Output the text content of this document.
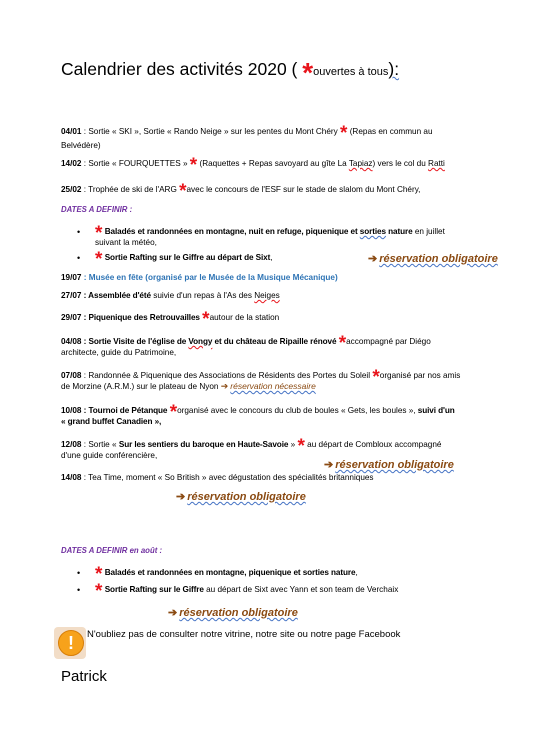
Calendrier des activités 2020 ( *ouvertes à tous):
04/01 : Sortie « SKI », Sortie « Rando Neige » sur les pentes du Mont Chéry * (Repas en commun au
Belvédère)
14/02 : Sortie « FOURQUETTES » * (Raquettes + Repas savoyard au gîte La Tapiaz) vers le col du Ratti
25/02 : Trophée de ski de l'ARG *avec le concours de l'ESF sur le stade de slalom du Mont Chéry,
DATES A DEFINIR :
• * Baladés et randonnées en montagne, nuit en refuge, piquenique et sorties nature en juillet
suivant la météo,
• * Sortie Rafting sur le Giffre au départ de Sixt,	➔ réservation obligatoire
19/07 : Musée en fête (organisé par le Musée de la Musique Mécanique)
27/07 : Assemblée d'été suivie d'un repas à l'As des Neiges
29/07 : Piquenique des Retrouvailles *autour de la station
04/08 : Sortie Visite de l'église de Vongy et du château de Ripaille rénové *accompagné par Diégo
architecte, guide du Patrimoine,
07/08 : Randonnée & Piquenique des Associations de Résidents des Portes du Soleil *organisé par nos amis
de Morzine (A.R.M.) sur le plateau de Nyon ➔ réservation nécessaire
10/08 : Tournoi de Pétanque *organisé avec le concours du club de boules « Gets, les boules », suivi d'un
« grand buffet Canadien »,
12/08 : Sortie « Sur les sentiers du baroque en Haute-Savoie » * au départ de Combloux accompagné
d'une guide conférencière,
➔ réservation obligatoire
14/08 : Tea Time, moment « So British » avec dégustation des spécialités britanniques
➔ réservation obligatoire
DATES A DEFINIR en août :
• * Baladés et randonnées en montagne, piquenique et sorties nature,
• * Sortie Rafting sur le Giffre au départ de Sixt avec Yann et son team de Verchaix
➔ réservation obligatoire
!	N'oubliez pas de consulter notre vitrine, notre site ou notre page Facebook
Patrick
